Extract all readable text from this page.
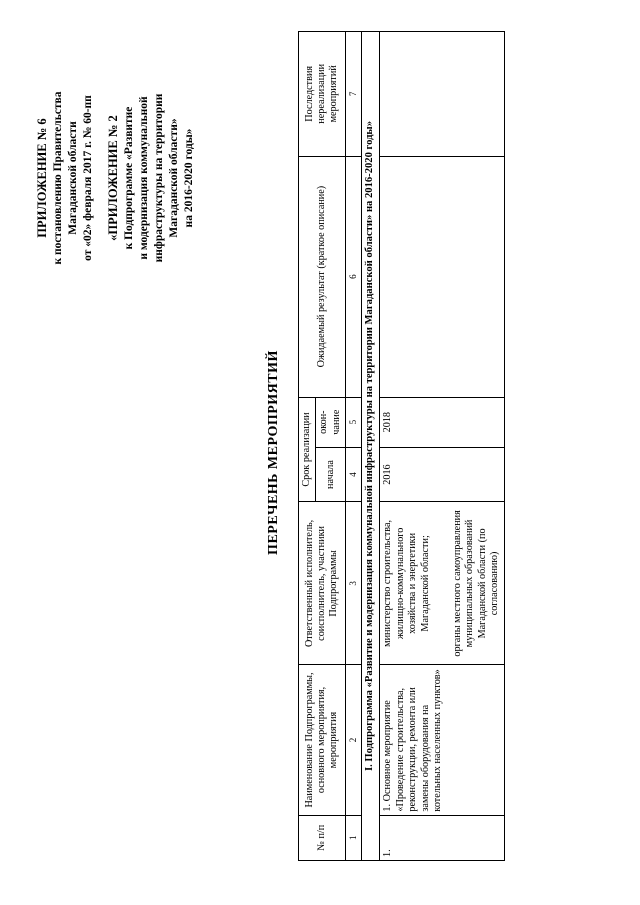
ПРИЛОЖЕНИЕ № 6 к постановлению Правительства Магаданской области от «02» февраля 2017 г. № 60-пп «ПРИЛОЖЕНИЕ № 2 к Подпрограмме «Развитие и модернизация коммунальной инфраструктуры на территории Магаданской области» на 2016-2020 годы»
ПЕРЕЧЕНЬ МЕРОПРИЯТИЙ
№ п/п	Наименование Подпрограммы, основного мероприятия, мероприятия	Ответственный исполнитель, соисполнитель, участники Подпрограммы	Срок реализации		Ожидаемый результат (краткое описание)	Последствия нереализации мероприятий
			начала	окон-чание		
1	2	3	4	5	6	7
I. Подпрограмма «Развитие и модернизация коммунальной инфраструктуры на территории Магаданской области» на 2016-2020 годы»						
1.	1. Основное мероприятие «Проведение строительства, реконструкции, ремонта или замены оборудования на котельных населенных пунктов»	министерство строительства, жилищно-коммунального хозяйства и энергетики Магаданской области; органы местного самоуправления муниципальных образований Магаданской области (по согласованию)	2016	2018		
